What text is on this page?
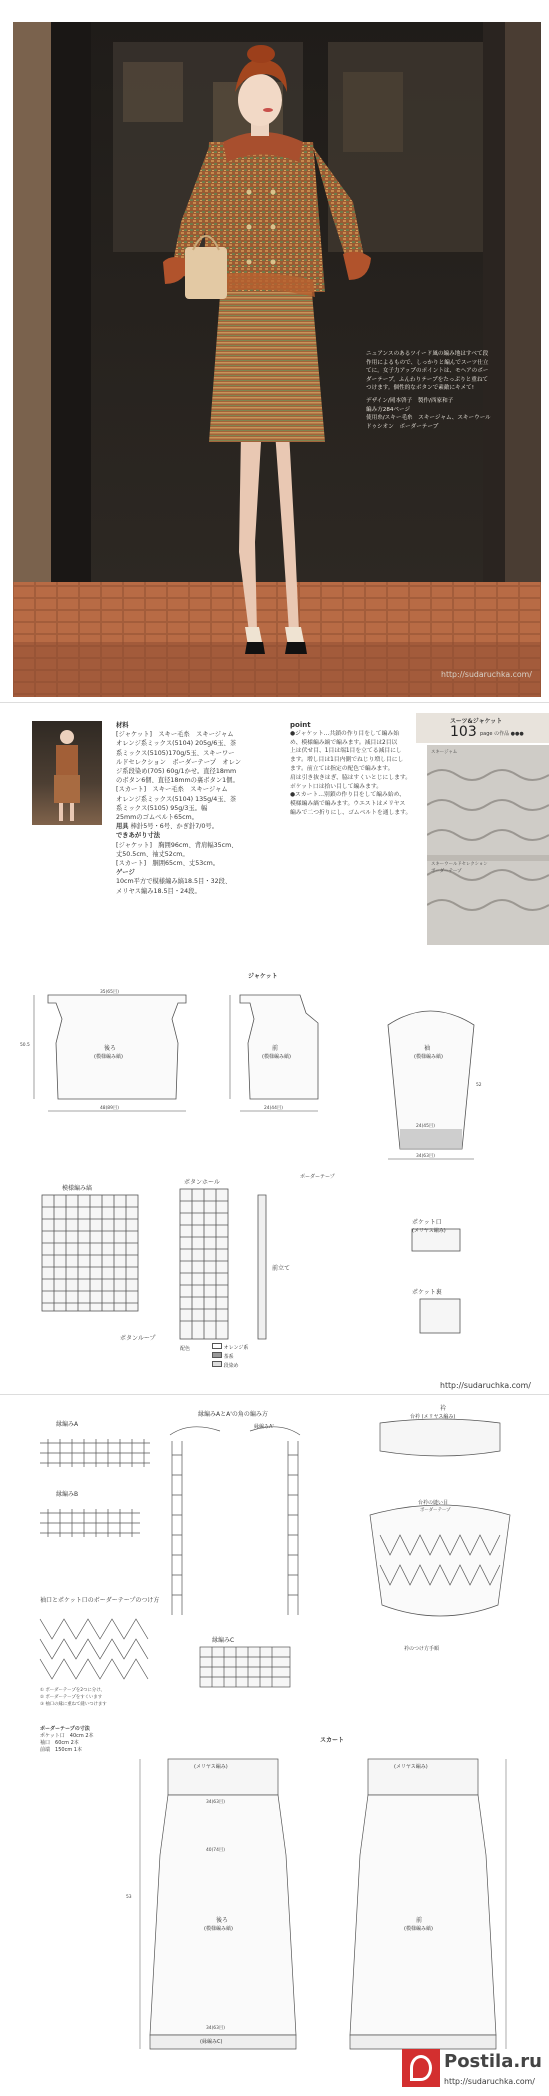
ニュアンスのあるツイード風の編み地はすべて段
作用によるもので、しっかりと編んでスーツ仕立
てに。女子力アップのポイントは、モヘアのボー
ダーテープ。ふんわりテープをたっぷりと重ねて
つけます。個性的なボタンで素敵にキメて!
デザイン/岡本啓子　製作/西家和子
編み方284ページ
使用糸/スキー毛糸　スキージャム、スキーウール
ドゥシオン　ボーダーテープ
http://sudaruchka.com/
材料
[ジャケット]　スキー毛糸　スキージャム
オレンジ系ミックス(5104) 205g/6玉、茶
系ミックス(5105)170g/5玉、スキーワー
ルドセレクション　ボーダーテープ　オレン
ジ系段染め(705) 60g/1かせ。直径18mm
のボタン6個、直径18mmの裏ボタン1個。
[スカート]　スキー毛糸　スキージャム
オレンジ系ミックス(5104) 135g/4玉、茶
系ミックス(5105) 95g/3玉。幅
25mmのゴムベルト65cm。
用具 棒針5号・6号、かぎ針7/0号。
できあがり寸法
[ジャケット]　胸囲96cm、背肩幅35cm、
丈50.5cm、袖丈52cm。
[スカート]　胴囲65cm、丈53cm。
ゲージ
10cm平方で模様編み縞18.5目・32段、
メリヤス編み18.5目・24段。
point
●ジャケット…共鎖の作り目をして編み始
め、模様編み縞で編みます。減目は2目以
上は伏せ目、1目は端1目を立てる減目にし
ます。増し目は1目内側でねじり増し目にし
ます。前立ては指定の配色で編みます。
肩は引き抜きはぎ、脇はすくいとじにします。
ポケット口は拾い目して編みます。
●スカート…別鎖の作り目をして編み始め、
模様編み縞で編みます。ウエストはメリヤス
編みで二つ折りにし、ゴムベルトを通します。
スーツ&ジャケット
103 page の作品 ●●●
スキージャム
スキーウールドセレクション
ボーダーテープ
ジャケット
後ろ
(模様編み縞)
前
(模様編み縞)
袖
(模様編み縞)
48(89目)
35(65目)
24(44目)
34(63目)
24(45目)
50.5
52
模様編み縞
ボタンホール
ボタンループ
前立て
ポケット口
(メリヤス編み)
ポケット裏
ボーダーテープ
配色	オレンジ系
茶系
段染め
http://sudaruchka.com/
縁編みA
縁編みB
縁編みAとA'の角の編み方
縁編みA'
縁編みC
袖口とポケット口のボーダーテープのつけ方
① ボーダーテープを2つに分け、
② ボーダーテープをすくいます
③ 袖口の縁に重ねて縫いつけます
ボーダーテープの寸法
ポケット口　 40cm 2本
袖口　 60cm 2本
前端　 150cm 1本
衿
台衿 (メリヤス編み)
台衿の縫い目
ボーダーテープ
衿のつけ方手順
スカート
後ろ
(模様編み縞)
前
(模様編み縞)
(メリヤス編み)	(メリヤス編み)
(縁編みC)
34(63目)
40(74目)
34(63目)
53
Postila.ru
http://sudaruchka.com/
